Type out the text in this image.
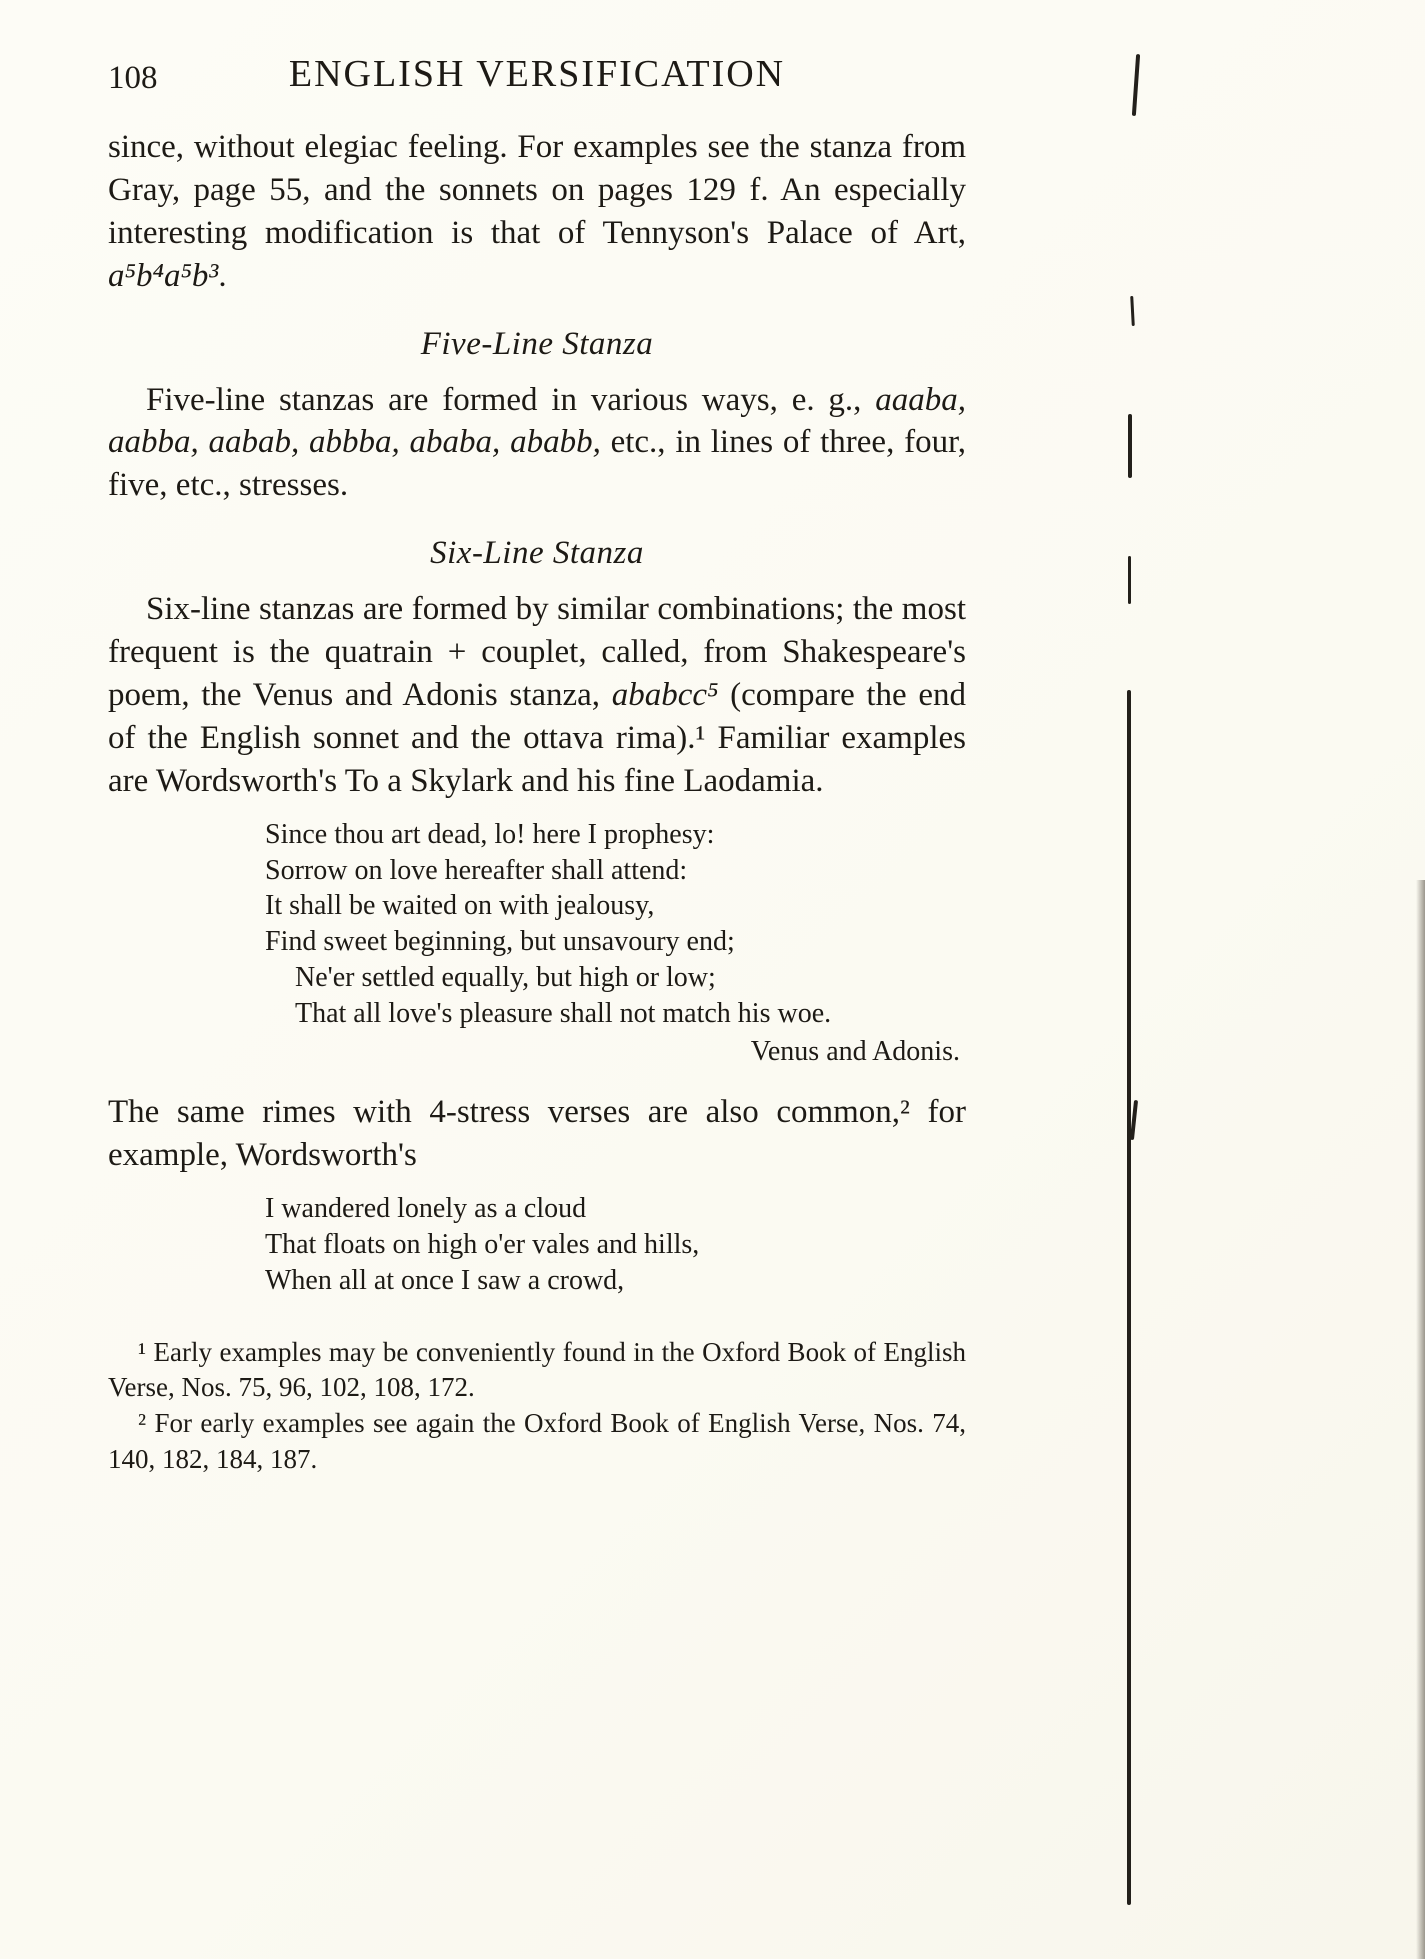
108	ENGLISH VERSIFICATION

since, without elegiac feeling. For examples see the stanza from Gray, page 55, and the sonnets on pages 129 f. An especially interesting modification is that of Tennyson's Palace of Art, a⁵b⁴a⁵b³.

Five-Line Stanza

Five-line stanzas are formed in various ways, e. g., aaaba, aabba, aabab, abbba, ababa, ababb, etc., in lines of three, four, five, etc., stresses.

Six-Line Stanza

Six-line stanzas are formed by similar combinations; the most frequent is the quatrain + couplet, called, from Shakespeare's poem, the Venus and Adonis stanza, ababcc⁵ (compare the end of the English sonnet and the ottava rima).¹ Familiar examples are Wordsworth's To a Skylark and his fine Laodamia.

Since thou art dead, lo! here I prophesy:
Sorrow on love hereafter shall attend:
It shall be waited on with jealousy,
Find sweet beginning, but unsavoury end;
Ne'er settled equally, but high or low;
That all love's pleasure shall not match his woe.
Venus and Adonis.

The same rimes with 4-stress verses are also common,² for example, Wordsworth's

I wandered lonely as a cloud
That floats on high o'er vales and hills,
When all at once I saw a crowd,

¹ Early examples may be conveniently found in the Oxford Book of English Verse, Nos. 75, 96, 102, 108, 172.

² For early examples see again the Oxford Book of English Verse, Nos. 74, 140, 182, 184, 187.
